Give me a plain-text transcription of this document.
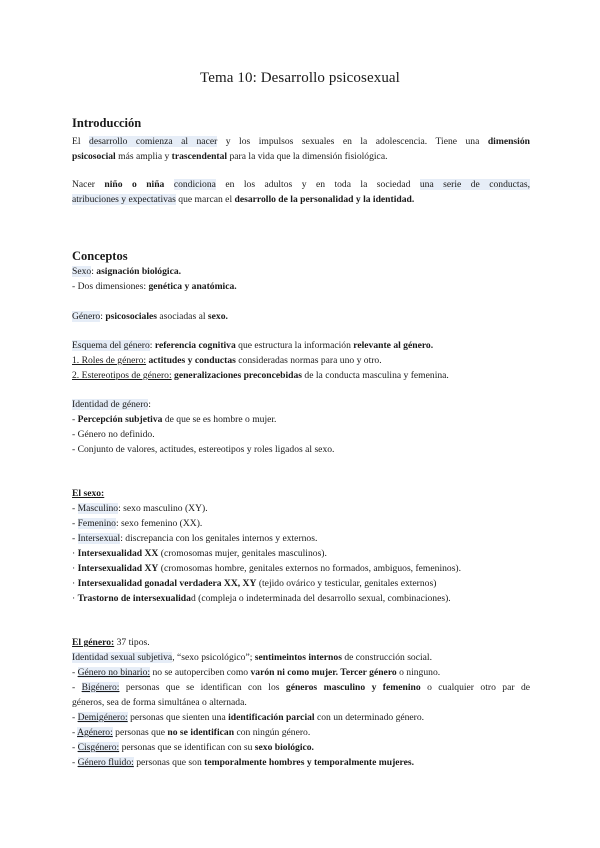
Tema 10: Desarrollo psicosexual
Introducción
El desarrollo comienza al nacer y los impulsos sexuales en la adolescencia. Tiene una dimensión
psicosocial más amplia y trascendental para la vida que la dimensión fisiológica.
Nacer niño o niña condiciona en los adultos y en toda la sociedad una serie de conductas,
atribuciones y expectativas que marcan el desarrollo de la personalidad y la identidad.
Conceptos
Sexo: asignación biológica.
- Dos dimensiones: genética y anatómica.
Género: psicosociales asociadas al sexo.
Esquema del género: referencia cognitiva que estructura la información relevante al género.
1. Roles de género: actitudes y conductas consideradas normas para uno y otro.
2. Estereotipos de género: generalizaciones preconcebidas de la conducta masculina y femenina.
Identidad de género:
- Percepción subjetiva de que se es hombre o mujer.
- Género no definido.
- Conjunto de valores, actitudes, estereotipos y roles ligados al sexo.
El sexo:
- Masculino: sexo masculino (XY).
- Femenino: sexo femenino (XX).
- Intersexual: discrepancia con los genitales internos y externos.
· Intersexualidad XX (cromosomas mujer, genitales masculinos).
· Intersexualidad XY (cromosomas hombre, genitales externos no formados, ambiguos, femeninos).
· Intersexualidad gonadal verdadera XX, XY (tejido ovárico y testicular, genitales externos)
· Trastorno de intersexualidad (compleja o indeterminada del desarrollo sexual, combinaciones).
El género: 37 tipos.
Identidad sexual subjetiva, “sexo psicológico”; sentimeintos internos de construcción social.
- Género no binario: no se autoperciben como varón ni como mujer. Tercer género o ninguno.
- Bigénero: personas que se identifican con los géneros masculino y femenino o cualquier otro par de
géneros, sea de forma simultánea o alternada.
- Demigénero: personas que sienten una identificación parcial con un determinado género.
- Agénero: personas que no se identifican con ningún género.
- Cisgénero: personas que se identifican con su sexo biológico.
- Género fluido: personas que son temporalmente hombres y temporalmente mujeres.
